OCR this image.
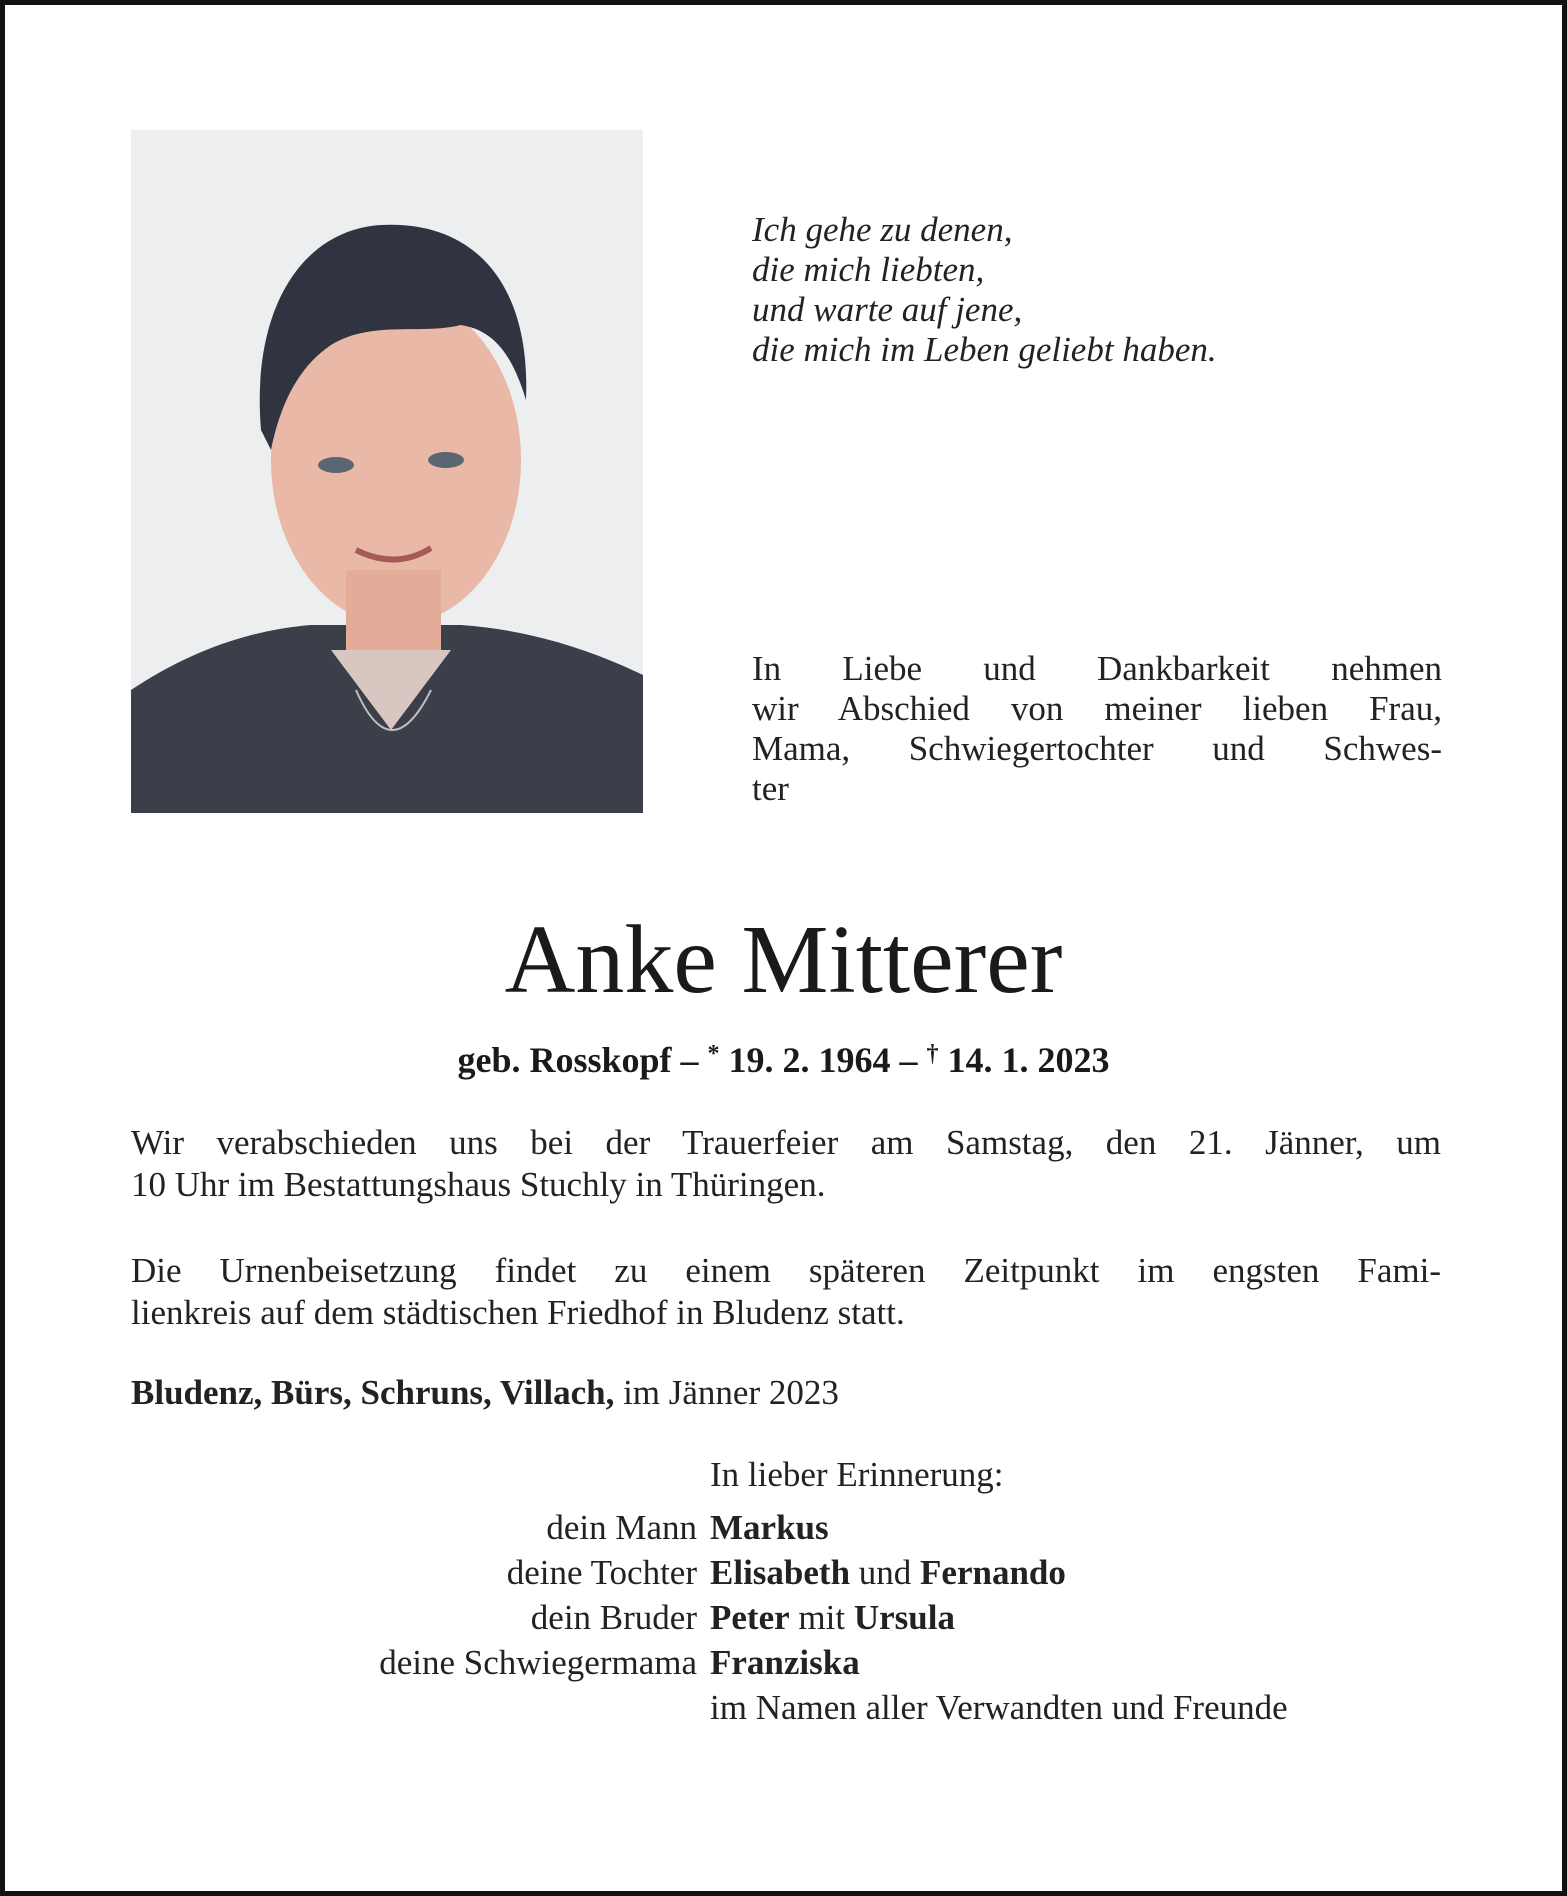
Ich gehe zu denen,
die mich liebten,
und warte auf jene,
die mich im Leben geliebt haben.
In Liebe und Dankbarkeit nehmen
wir Abschied von meiner lieben Frau,
Mama, Schwiegertochter und Schwes-
ter
Anke Mitterer
geb. Rosskopf – * 19. 2. 1964 – † 14. 1. 2023
Wir verabschieden uns bei der Trauerfeier am Samstag, den 21. Jänner, um
10 Uhr im Bestattungshaus Stuchly in Thüringen.
Die Urnenbeisetzung findet zu einem späteren Zeitpunkt im engsten Fami-
lienkreis auf dem städtischen Friedhof in Bludenz statt.
Bludenz, Bürs, Schruns, Villach, im Jänner 2023
In lieber Erinnerung:
dein Mann Markus
deine Tochter Elisabeth und Fernando
dein Bruder Peter mit Ursula
deine Schwiegermama Franziska
im Namen aller Verwandten und Freunde
